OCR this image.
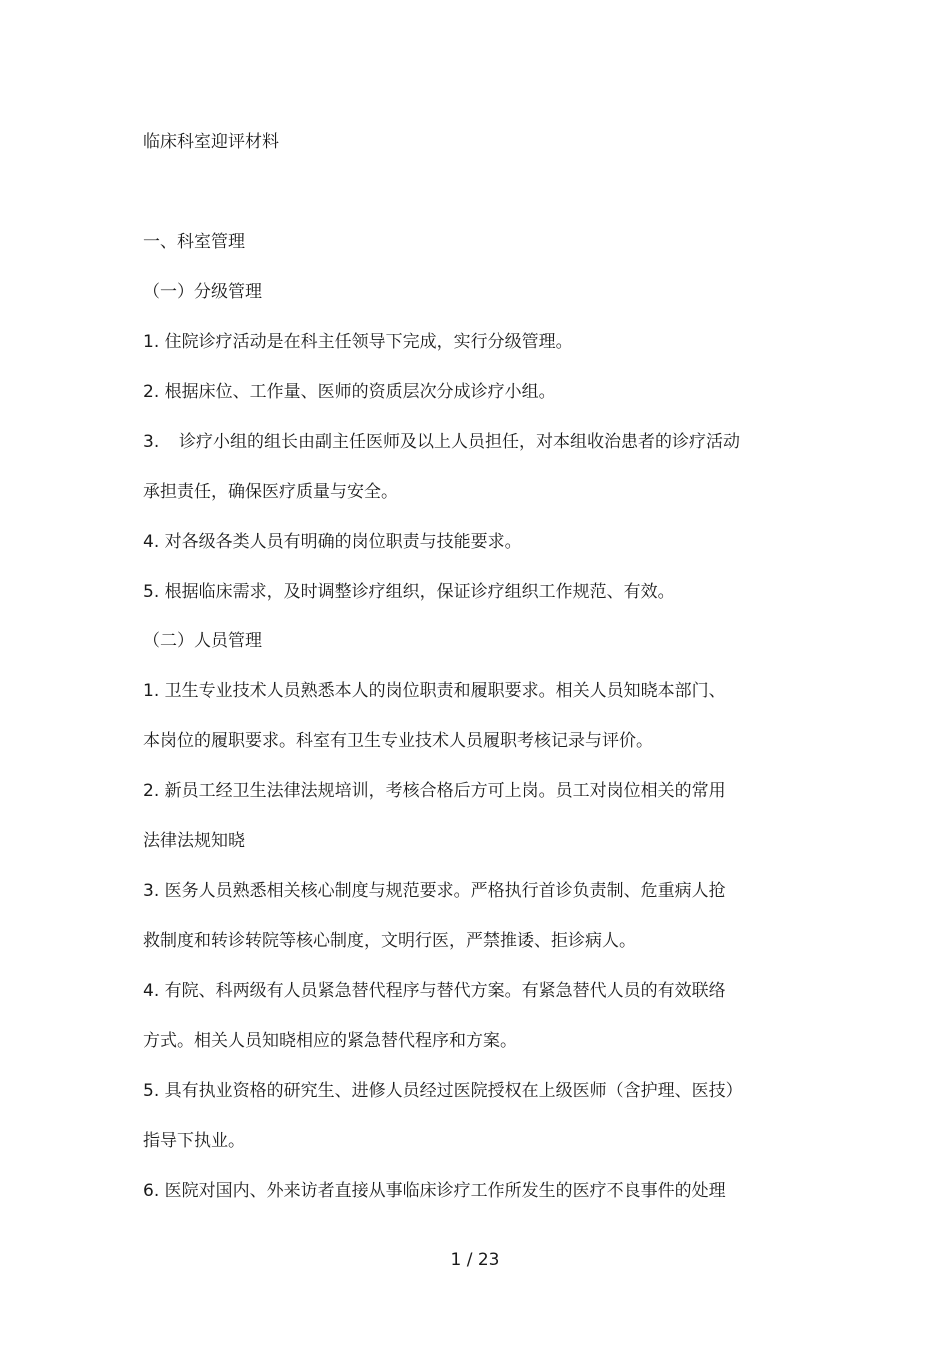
临床科室迎评材料
一、科室管理
（一）分级管理
1. 住院诊疗活动是在科主任领导下完成，实行分级管理。
2. 根据床位、工作量、医师的资质层次分成诊疗小组。
3. 诊疗小组的组长由副主任医师及以上人员担任，对本组收治患者的诊疗活动
承担责任，确保医疗质量与安全。
4. 对各级各类人员有明确的岗位职责与技能要求。
5. 根据临床需求，及时调整诊疗组织，保证诊疗组织工作规范、有效。
（二）人员管理
1. 卫生专业技术人员熟悉本人的岗位职责和履职要求。相关人员知晓本部门、
本岗位的履职要求。科室有卫生专业技术人员履职考核记录与评价。
2. 新员工经卫生法律法规培训，考核合格后方可上岗。员工对岗位相关的常用
法律法规知晓
3. 医务人员熟悉相关核心制度与规范要求。严格执行首诊负责制、危重病人抢
救制度和转诊转院等核心制度，文明行医，严禁推诿、拒诊病人。
4. 有院、科两级有人员紧急替代程序与替代方案。有紧急替代人员的有效联络
方式。相关人员知晓相应的紧急替代程序和方案。
5. 具有执业资格的研究生、进修人员经过医院授权在上级医师（含护理、医技）
指导下执业。
6. 医院对国内、外来访者直接从事临床诊疗工作所发生的医疗不良事件的处理
1 / 23
